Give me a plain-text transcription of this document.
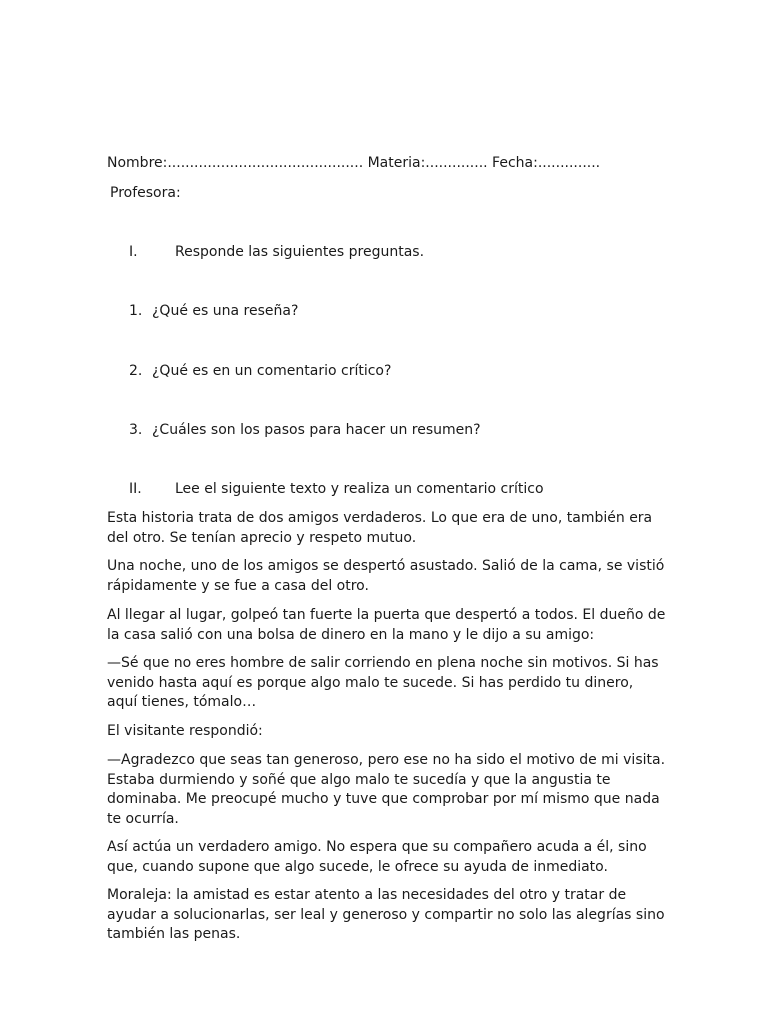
Nombre:............................................ Materia:.............. Fecha:..............
Profesora:
I.	Responde las siguientes preguntas.
1. ¿Qué es una reseña?
2. ¿Qué es en un comentario crítico?
3. ¿Cuáles son los pasos para hacer un resumen?
II. Lee el siguiente texto y realiza un comentario crítico
Esta historia trata de dos amigos verdaderos. Lo que era de uno, también era del otro. Se tenían aprecio y respeto mutuo.
Una noche, uno de los amigos se despertó asustado. Salió de la cama, se vistió rápidamente y se fue a casa del otro.
Al llegar al lugar, golpeó tan fuerte la puerta que despertó a todos. El dueño de la casa salió con una bolsa de dinero en la mano y le dijo a su amigo:
—Sé que no eres hombre de salir corriendo en plena noche sin motivos. Si has venido hasta aquí es porque algo malo te sucede. Si has perdido tu dinero, aquí tienes, tómalo…
El visitante respondió:
—Agradezco que seas tan generoso, pero ese no ha sido el motivo de mi visita. Estaba durmiendo y soñé que algo malo te sucedía y que la angustia te dominaba. Me preocupé mucho y tuve que comprobar por mí mismo que nada te ocurría.
Así actúa un verdadero amigo. No espera que su compañero acuda a él, sino que, cuando supone que algo sucede, le ofrece su ayuda de inmediato.
Moraleja: la amistad es estar atento a las necesidades del otro y tratar de ayudar a solucionarlas, ser leal y generoso y compartir no solo las alegrías sino también las penas.
